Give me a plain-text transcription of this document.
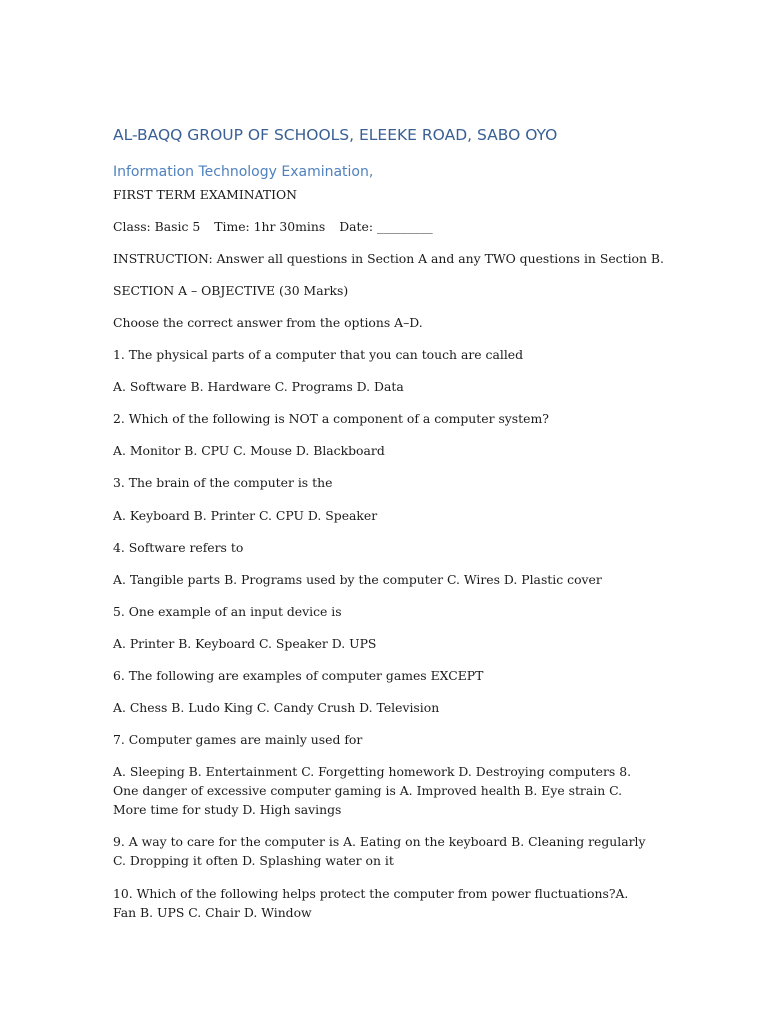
AL-BAQQ GROUP OF SCHOOLS, ELEEKE ROAD, SABO OYO
Information Technology Examination,

FIRST TERM EXAMINATION

Class: Basic 5 Time: 1hr 30mins Date: _________

INSTRUCTION: Answer all questions in Section A and any TWO questions in Section B.

SECTION A – OBJECTIVE (30 Marks)

Choose the correct answer from the options A–D.

1. The physical parts of a computer that you can touch are called

A. Software B. Hardware C. Programs D. Data

2. Which of the following is NOT a component of a computer system?

A. Monitor B. CPU C. Mouse D. Blackboard

3. The brain of the computer is the

A. Keyboard B. Printer C. CPU D. Speaker

4. Software refers to

A. Tangible parts B. Programs used by the computer C. Wires D. Plastic cover

5. One example of an input device is

A. Printer B. Keyboard C. Speaker D. UPS

6. The following are examples of computer games EXCEPT

A. Chess B. Ludo King C. Candy Crush D. Television

7. Computer games are mainly used for

A. Sleeping B. Entertainment C. Forgetting homework D. Destroying computers 8. One danger of excessive computer gaming is A. Improved health B. Eye strain C. More time for study D. High savings

9. A way to care for the computer is A. Eating on the keyboard B. Cleaning regularly C. Dropping it often D. Splashing water on it

10. Which of the following helps protect the computer from power fluctuations?A. Fan B. UPS C. Chair D. Window
